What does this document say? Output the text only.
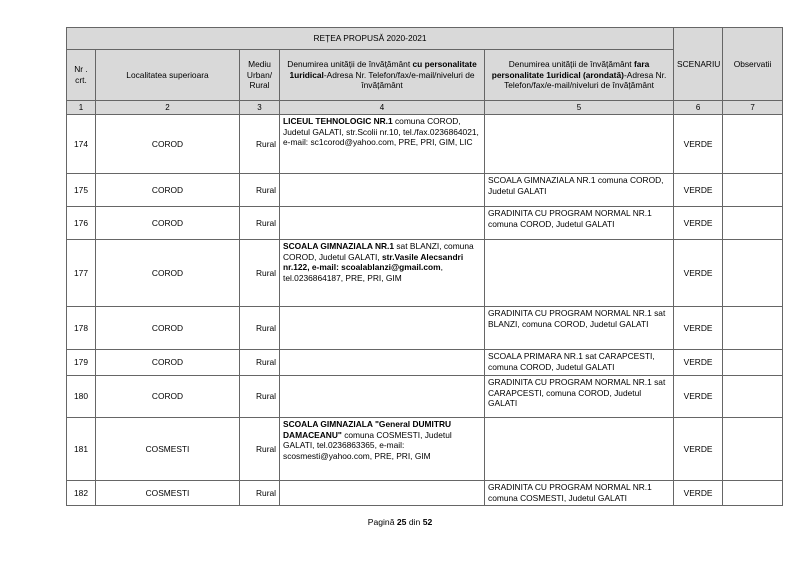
REȚEA PROPUSĂ 2020-2021					SCENARIU	Observatii
Nr . crt.	Localitatea superioara	Mediu Urban/ Rural	Denumirea unității de învățământ cu personalitate 1uridical-Adresa Nr. Telefon/fax/e-mail/niveluri de învățământ	Denumirea unității de învățământ fara personalitate 1uridical (arondată)-Adresa Nr. Telefon/fax/e-mail/niveluri de învățământ		
1	2	3	4	5	6	7
174	COROD	Rural	LICEUL TEHNOLOGIC NR.1 comuna COROD, Judetul GALATI, str.Scolii nr.10, tel./fax.0236864021, e-mail: sc1corod@yahoo.com, PRE, PRI, GIM, LIC		VERDE	
175	COROD	Rural		SCOALA GIMNAZIALA NR.1 comuna COROD, Judetul GALATI	VERDE	
176	COROD	Rural		GRADINITA CU PROGRAM NORMAL NR.1 comuna COROD, Judetul GALATI	VERDE	
177	COROD	Rural	SCOALA GIMNAZIALA NR.1 sat BLANZI, comuna COROD, Judetul GALATI, str.Vasile Alecsandri nr.122, e-mail: scoalablanzi@gmail.com, tel.0236864187, PRE, PRI, GIM		VERDE	
178	COROD	Rural		GRADINITA CU PROGRAM NORMAL NR.1 sat BLANZI, comuna COROD, Judetul GALATI	VERDE	
179	COROD	Rural		SCOALA PRIMARA NR.1 sat CARAPCESTI, comuna COROD, Judetul GALATI	VERDE	
180	COROD	Rural		GRADINITA CU PROGRAM NORMAL NR.1 sat CARAPCESTI, comuna COROD, Judetul GALATI	VERDE	
181	COSMESTI	Rural	SCOALA GIMNAZIALA "General DUMITRU DAMACEANU" comuna COSMESTI, Judetul GALATI, tel.0236863365, e-mail: scosmesti@yahoo.com, PRE, PRI, GIM		VERDE	
182	COSMESTI	Rural		GRADINITA CU PROGRAM NORMAL NR.1 comuna COSMESTI, Judetul GALATI	VERDE	
Pagină 25 din 52
